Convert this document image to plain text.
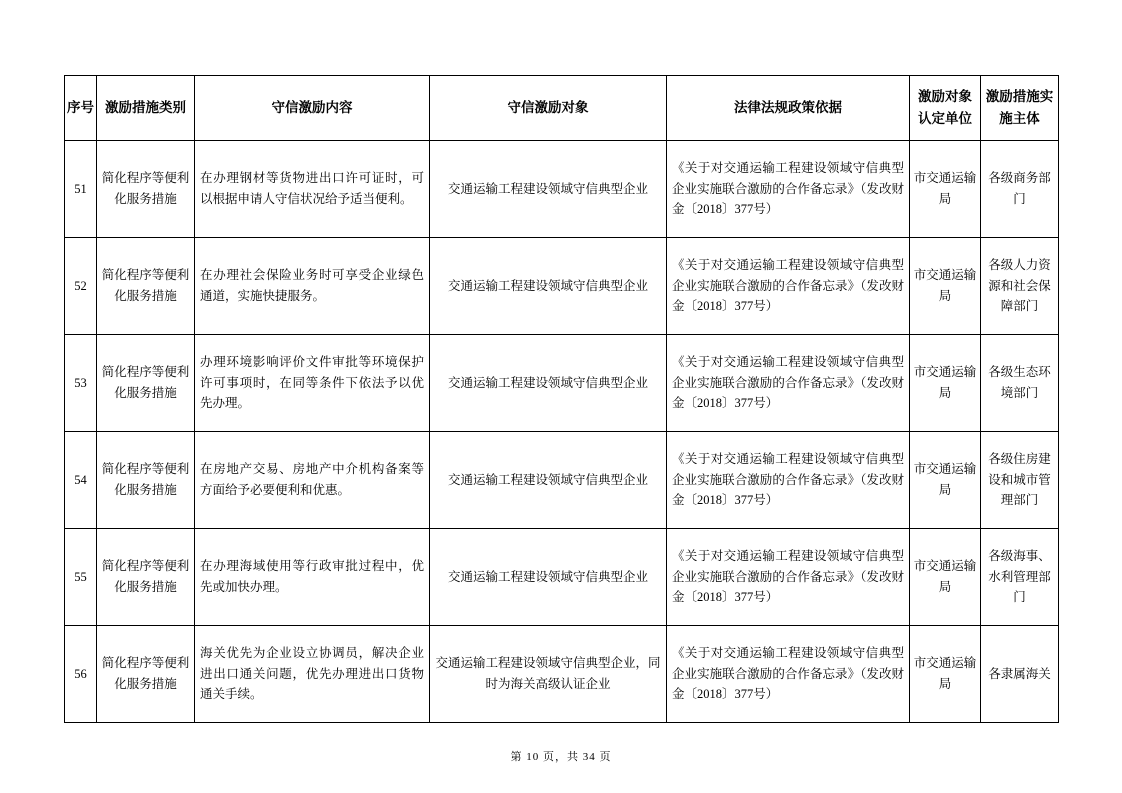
序号	激励措施类别	守信激励内容	守信激励对象	法律法规政策依据	激励对象认定单位	激励措施实施主体
51	简化程序等便利化服务措施	在办理钢材等货物进出口许可证时，可以根据申请人守信状况给予适当便利。	交通运输工程建设领域守信典型企业	《关于对交通运输工程建设领域守信典型企业实施联合激励的合作备忘录》（发改财金〔2018〕377号）	市交通运输局	各级商务部门
52	简化程序等便利化服务措施	在办理社会保险业务时可享受企业绿色通道，实施快捷服务。	交通运输工程建设领域守信典型企业	《关于对交通运输工程建设领域守信典型企业实施联合激励的合作备忘录》（发改财金〔2018〕377号）	市交通运输局	各级人力资源和社会保障部门
53	简化程序等便利化服务措施	办理环境影响评价文件审批等环境保护许可事项时，在同等条件下依法予以优先办理。	交通运输工程建设领域守信典型企业	《关于对交通运输工程建设领域守信典型企业实施联合激励的合作备忘录》（发改财金〔2018〕377号）	市交通运输局	各级生态环境部门
54	简化程序等便利化服务措施	在房地产交易、房地产中介机构备案等方面给予必要便利和优惠。	交通运输工程建设领域守信典型企业	《关于对交通运输工程建设领域守信典型企业实施联合激励的合作备忘录》（发改财金〔2018〕377号）	市交通运输局	各级住房建设和城市管理部门
55	简化程序等便利化服务措施	在办理海域使用等行政审批过程中，优先或加快办理。	交通运输工程建设领域守信典型企业	《关于对交通运输工程建设领域守信典型企业实施联合激励的合作备忘录》（发改财金〔2018〕377号）	市交通运输局	各级海事、水利管理部门
56	简化程序等便利化服务措施	海关优先为企业设立协调员，解决企业进出口通关问题，优先办理进出口货物通关手续。	交通运输工程建设领域守信典型企业，同时为海关高级认证企业	《关于对交通运输工程建设领域守信典型企业实施联合激励的合作备忘录》（发改财金〔2018〕377号）	市交通运输局	各隶属海关
第 10 页，共 34 页
